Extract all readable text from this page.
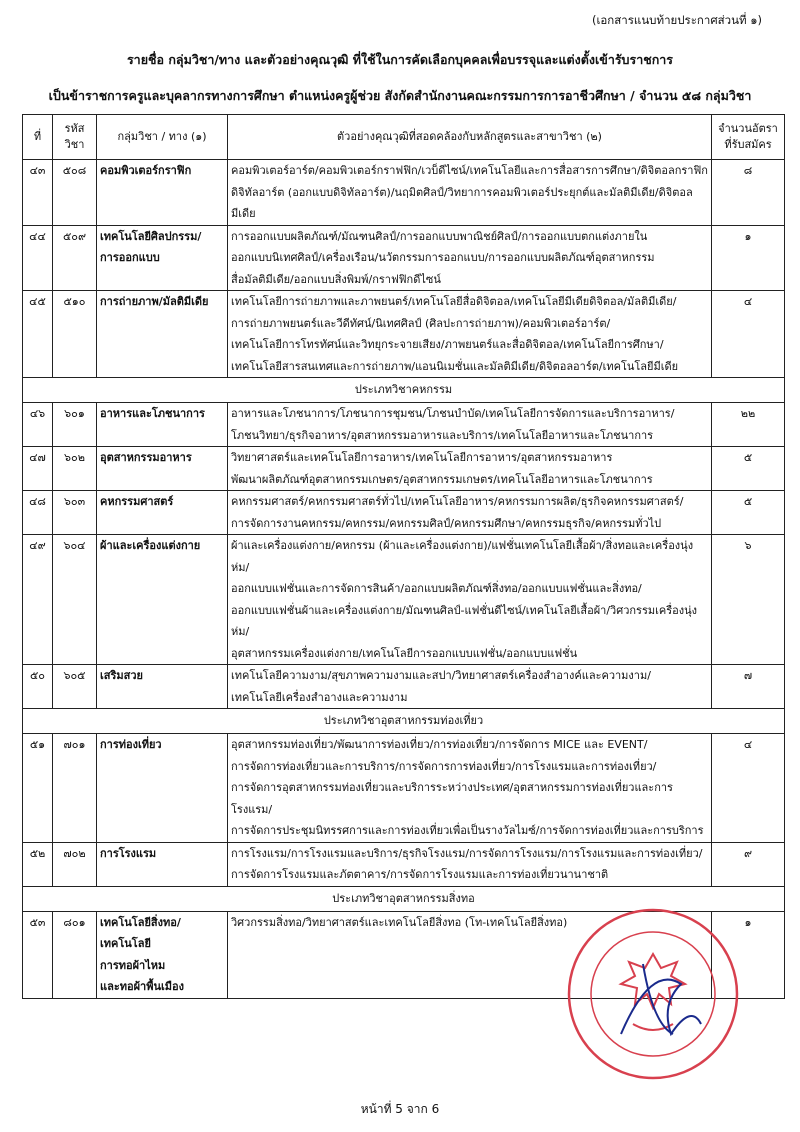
(เอกสารแนบท้ายประกาศส่วนที่ ๑)
รายชื่อ กลุ่มวิชา/ทาง และตัวอย่างคุณวุฒิ ที่ใช้ในการคัดเลือกบุคคลเพื่อบรรจุและแต่งตั้งเข้ารับราชการ
เป็นข้าราชการครูและบุคลากรทางการศึกษา ตำแหน่งครูผู้ช่วย สังกัดสำนักงานคณะกรรมการการอาชีวศึกษา / จำนวน ๕๘ กลุ่มวิชา
ที่	รหัสวิชา	กลุ่มวิชา / ทาง (๑)	ตัวอย่างคุณวุฒิที่สอดคล้องกับหลักสูตรและสาขาวิชา (๒)	จำนวนอัตรา
ที่รับสมัคร
๔๓	๕๐๘	คอมพิวเตอร์กราฟิก	คอมพิวเตอร์อาร์ต/คอมพิวเตอร์กราฟฟิก/เวบ็ดีไซน์/เทคโนโลยีและการสื่อสารการศึกษา/ดิจิตอลกราฟิก
ดิจิทัลอาร์ต (ออกแบบดิจิทัลอาร์ต)/นฤมิตศิลป์/วิทยาการคอมพิวเตอร์ประยุกต์และมัลติมีเดีย/ดิจิตอลมีเดีย	๘
๔๔	๕๐๙	เทคโนโลยีศิลปกรรม/
การออกแบบ	การออกแบบผลิตภัณฑ์/มัณฑนศิลป์/การออกแบบพาณิชย์ศิลป์/การออกแบบตกแต่งภายใน
ออกแบบนิเทศศิลป์/เครื่องเรือน/นวัตกรรมการออกแบบ/การออกแบบผลิตภัณฑ์อุตสาหกรรม
สื่อมัลติมีเดีย/ออกแบบสิ่งพิมพ์/กราฟฟิกดีไซน์	๑
๔๕	๕๑๐	การถ่ายภาพ/มัลติมีเดีย	เทคโนโลยีการถ่ายภาพและภาพยนตร์/เทคโนโลยีสื่อดิจิตอล/เทคโนโลยีมีเดียดิจิตอล/มัลติมีเดีย/
การถ่ายภาพยนตร์และวีดีทัศน์/นิเทศศิลป์ (ศิลปะการถ่ายภาพ)/คอมพิวเตอร์อาร์ต/
เทคโนโลยีการโทรทัศน์และวิทยุกระจายเสียง/ภาพยนตร์และสื่อดิจิตอล/เทคโนโลยีการศึกษา/
เทคโนโลยีสารสนเทศและการถ่ายภาพ/แอนนิเมชั่นและมัลติมีเดีย/ดิจิตอลอาร์ต/เทคโนโลยีมีเดีย	๔
ประเภทวิชาคหกรรม				
๔๖	๖๐๑	อาหารและโภชนาการ	อาหารและโภชนาการ/โภชนาการชุมชน/โภชนบำบัด/เทคโนโลยีการจัดการและบริการอาหาร/
โภชนวิทยา/ธุรกิจอาหาร/อุตสาหกรรมอาหารและบริการ/เทคโนโลยีอาหารและโภชนาการ	๒๒
๔๗	๖๐๒	อุตสาหกรรมอาหาร	วิทยาศาสตร์และเทคโนโลยีการอาหาร/เทคโนโลยีการอาหาร/อุตสาหกรรมอาหาร
พัฒนาผลิตภัณฑ์อุตสาหกรรมเกษตร/อุตสาหกรรมเกษตร/เทคโนโลยีอาหารและโภชนาการ	๕
๔๘	๖๐๓	คหกรรมศาสตร์	คหกรรมศาสตร์/คหกรรมศาสตร์ทั่วไป/เทคโนโลยีอาหาร/คหกรรมการผลิต/ธุรกิจคหกรรมศาสตร์/
การจัดการงานคหกรรม/คหกรรม/คหกรรมศิลป์/คหกรรมศึกษา/คหกรรมธุรกิจ/คหกรรมทั่วไป	๕
๔๙	๖๐๔	ผ้าและเครื่องแต่งกาย	ผ้าและเครื่องแต่งกาย/คหกรรม (ผ้าและเครื่องแต่งกาย)/แฟชั่นเทคโนโลยีเสื้อผ้า/สิ่งทอและเครื่องนุ่งห่ม/
ออกแบบแฟชั่นและการจัดการสินค้า/ออกแบบผลิตภัณฑ์สิ่งทอ/ออกแบบแฟชั่นและสิ่งทอ/
ออกแบบแฟชั่นผ้าและเครื่องแต่งกาย/มัณฑนศิลป์-แฟชั่นดีไซน์/เทคโนโลยีเสื้อผ้า/วิศวกรรมเครื่องนุ่งห่ม/
อุตสาหกรรมเครื่องแต่งกาย/เทคโนโลยีการออกแบบแฟชั่น/ออกแบบแฟชั่น	๖
๕๐	๖๐๕	เสริมสวย	เทคโนโลยีความงาม/สุขภาพความงามและสปา/วิทยาศาสตร์เครื่องสำอางค์และความงาม/
เทคโนโลยีเครื่องสำอางและความงาม	๗
ประเภทวิชาอุตสาหกรรมท่องเที่ยว				
๕๑	๗๐๑	การท่องเที่ยว	อุตสาหกรรมท่องเที่ยว/พัฒนาการท่องเที่ยว/การท่องเที่ยว/การจัดการ MICE และ EVENT/
การจัดการท่องเที่ยวและการบริการ/การจัดการการท่องเที่ยว/การโรงแรมและการท่องเที่ยว/
การจัดการอุตสาหกรรมท่องเที่ยวและบริการระหว่างประเทศ/อุตสาหกรรมการท่องเที่ยวและการโรงแรม/
การจัดการประชุมนิทรรศการและการท่องเที่ยวเพื่อเป็นรางวัลไมซ์/การจัดการท่องเที่ยวและการบริการ	๔
๕๒	๗๐๒	การโรงแรม	การโรงแรม/การโรงแรมและบริการ/ธุรกิจโรงแรม/การจัดการโรงแรม/การโรงแรมและการท่องเที่ยว/
การจัดการโรงแรมและภัตตาคาร/การจัดการโรงแรมและการท่องเที่ยวนานาชาติ	๙
ประเภทวิชาอุตสาหกรรมสิ่งทอ				
๕๓	๘๐๑	เทคโนโลยีสิ่งทอ/เทคโนโลยี
การทอผ้าไหม
และทอผ้าพื้นเมือง	วิศวกรรมสิ่งทอ/วิทยาศาสตร์และเทคโนโลยีสิ่งทอ (โท-เทคโนโลยีสิ่งทอ)	๑
หน้าที่ 5 จาก 6
